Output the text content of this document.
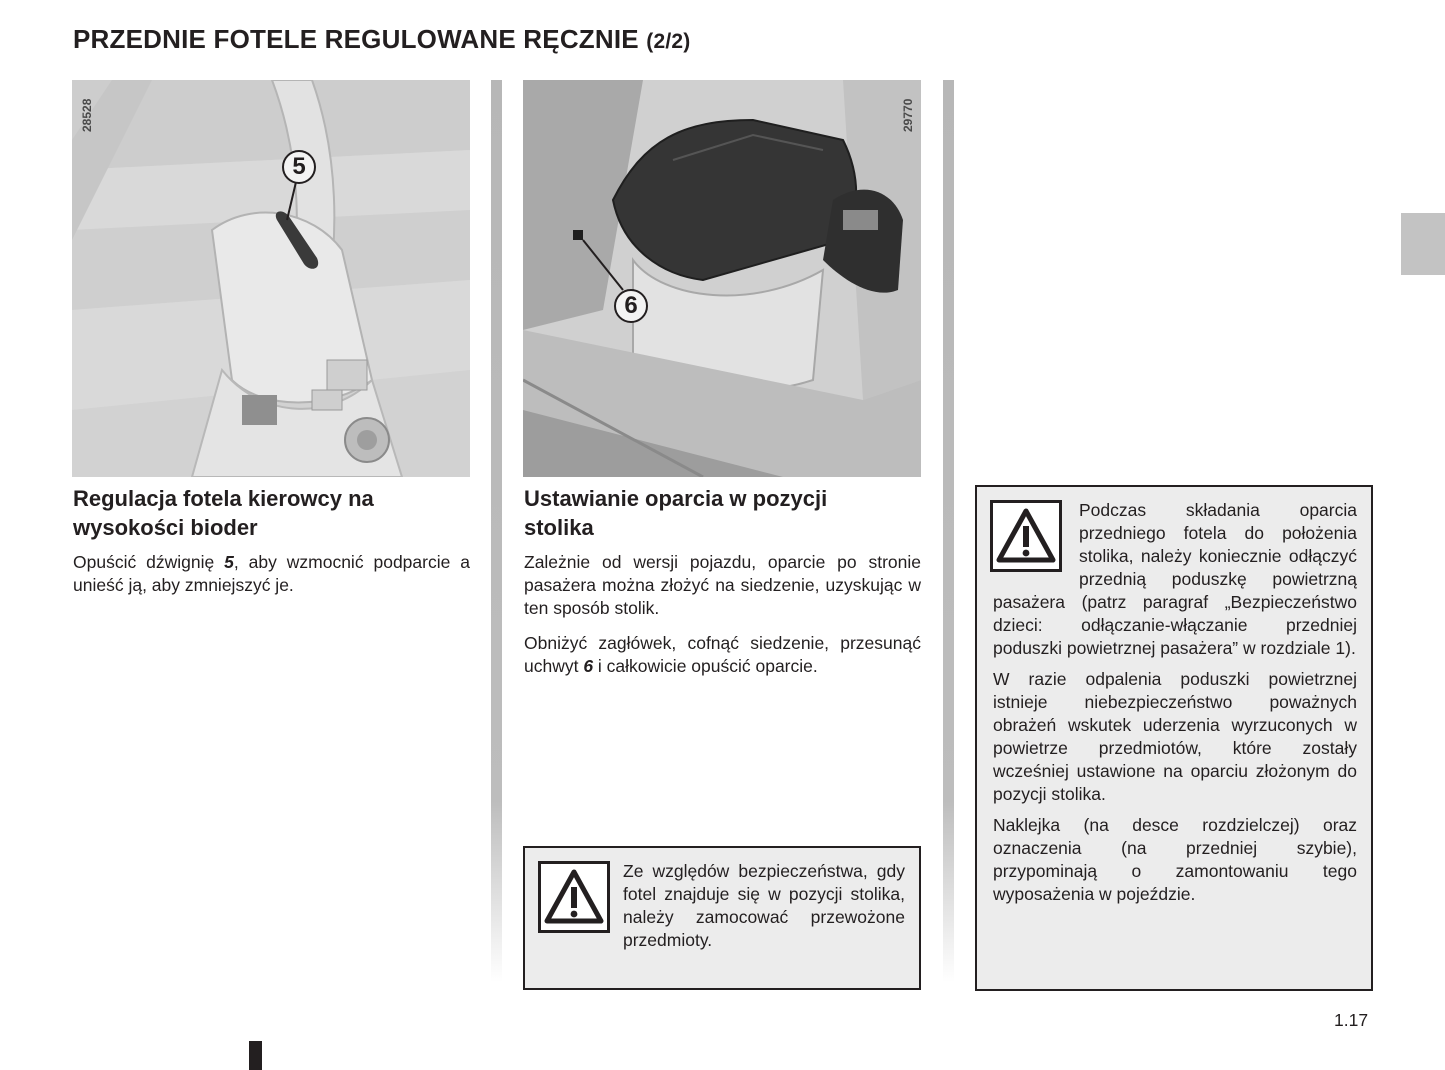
PRZEDNIE FOTELE REGULOWANE RĘCZNIE (2/2)
5
28528
6
29770
Regulacja fotela kierowcy na
wysokości bioder

Opuścić dźwignię 5, aby wzmocnić podparcie a unieść ją, aby zmniejszyć je.

Ustawianie oparcia w pozycji
stolika

Zależnie od wersji pojazdu, oparcie po stronie pasażera można złożyć na siedzenie, uzyskując w ten sposób stolik.

Obniżyć zagłówek, cofnąć siedzenie, przesunąć uchwyt 6 i całkowicie opuścić oparcie.

Ze względów bezpieczeństwa, gdy fotel znajduje się w pozycji stolika, należy zamocować przewożone przedmioty.

Podczas składania oparcia przedniego fotela do położenia stolika, należy koniecznie odłączyć przednią poduszkę powietrzną pasażera (patrz paragraf „Bezpieczeństwo dzieci: odłączanie-włączanie przedniej poduszki powietrznej pasażera” w rozdziale 1).

W razie odpalenia poduszki powietrznej istnieje niebezpieczeństwo poważnych obrażeń wskutek uderzenia wyrzuconych w powietrze przedmiotów, które zostały wcześniej ustawione na oparciu złożonym do pozycji stolika.

Naklejka (na desce rozdzielczej) oraz oznaczenia (na przedniej szybie), przypominają o zamontowaniu tego wyposażenia w pojeździe.

1.17
